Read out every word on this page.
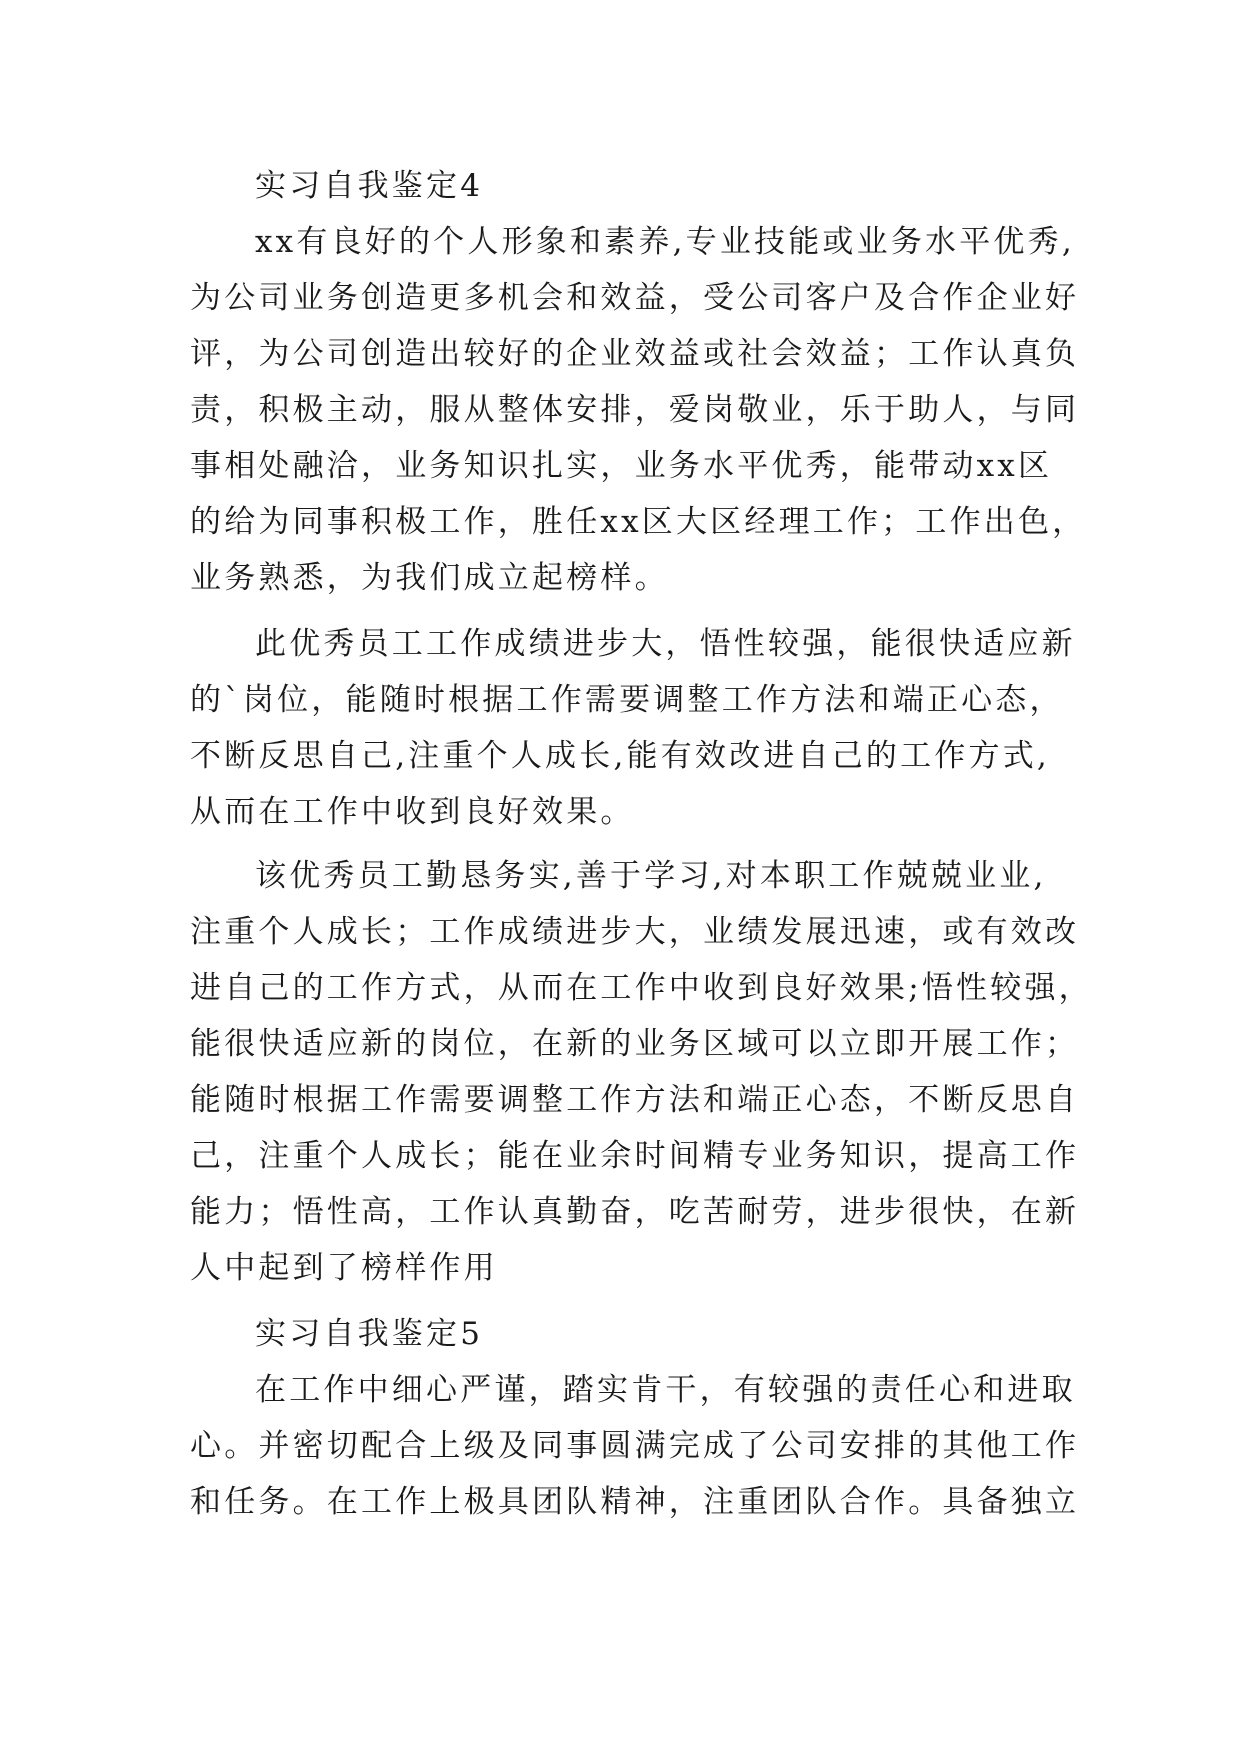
实习自我鉴定4
xx有良好的个人形象和素养,专业技能或业务水平优秀,
为公司业务创造更多机会和效益，受公司客户及合作企业好
评，为公司创造出较好的企业效益或社会效益；工作认真负
责，积极主动，服从整体安排，爱岗敬业，乐于助人，与同
事相处融洽，业务知识扎实，业务水平优秀，能带动xx区
的给为同事积极工作，胜任xx区大区经理工作；工作出色，
业务熟悉，为我们成立起榜样。
此优秀员工工作成绩进步大，悟性较强，能很快适应新
的`岗位，能随时根据工作需要调整工作方法和端正心态，
不断反思自己,注重个人成长,能有效改进自己的工作方式,
从而在工作中收到良好效果。
该优秀员工勤恳务实,善于学习,对本职工作兢兢业业,
注重个人成长；工作成绩进步大，业绩发展迅速，或有效改
进自己的工作方式，从而在工作中收到良好效果;悟性较强，
能很快适应新的岗位，在新的业务区域可以立即开展工作；
能随时根据工作需要调整工作方法和端正心态，不断反思自
己，注重个人成长；能在业余时间精专业务知识，提高工作
能力；悟性高，工作认真勤奋，吃苦耐劳，进步很快，在新
人中起到了榜样作用
实习自我鉴定5
在工作中细心严谨，踏实肯干，有较强的责任心和进取
心。并密切配合上级及同事圆满完成了公司安排的其他工作
和任务。在工作上极具团队精神，注重团队合作。具备独立
